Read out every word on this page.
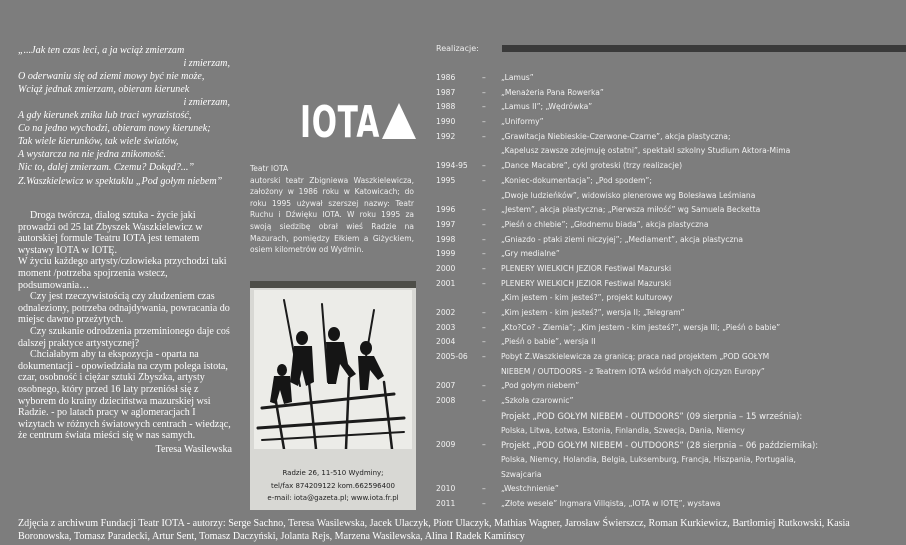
„...Jak ten czas leci, a ja wciąż zmierzam
i zmierzam,
O oderwaniu się od ziemi mowy być nie może,
Wciąż jednak zmierzam, obieram kierunek
i zmierzam,
A gdy kierunek znika lub traci wyrazistość,
Co na jedno wychodzi, obieram nowy kierunek;
Tak wiele kierunków, tak wiele światów,
A wystarcza na nie jedna znikomość.
Nic to, dalej zmierzam. Czemu? Dokąd?...”
Z.Waszkielewicz w spektaklu „Pod gołym niebem”

Droga twórcza, dialog sztuka - życie jaki prowadzi od 25 lat Zbyszek Waszkielewicz w autorskiej formule Teatru IOTA jest tematem wystawy IOTA w IOTĘ.

W życiu każdego artysty/człowieka przychodzi taki moment /potrzeba spojrzenia wstecz, podsumowania…

Czy jest rzeczywistością czy złudzeniem czas odnalezion‌y, potrzeba odnajdywania, powracania do miejsc dawno przeżytych.

Czy szukanie odrodzenia przeminionego daje coś dalszej praktyce artystycznej?

Chciałabym aby ta ekspozycja - oparta na dokumentacji - opowiedziała na czym polega istota, czar, osobność i ciężar sztuki Zbyszka, artysty osobnego, który przed 16 laty przeniósł się z wyborem do krainy dzieciństwa mazurskiej wsi Radzie. - po latach pracy w aglomeracjach I wizytach w różnych światowych centrach - wiedząc, że centrum świata mieści się w nas samych.

Teresa Wasilewska
IOTA

Teatr IOTA

autorski teatr Zbigniewa Waszkielewicza, założony w 1986 roku w Katowicach; do roku 1995 używał szerszej nazwy: Teatr Ruchu i Dźwięku IOTA. W roku 1995 za swoją siedzibę obrał wieś Radzie na Mazurach, pomiędzy Ełkiem a Giżyckiem, osiem kilometrów od Wydmin.

Radzie 26, 11-510 Wydminy;
tel/fax 874209122 kom.662596400
e-mail: iota@gazeta.pl; www.iota.fr.pl
Realizacje:
1986	– „Lamus”
1987	– „Menażeria Pana Rowerka”
1988	– „Lamus II”; „Wędrówka”
1990	– „Uniformy”
1992	– „Grawitacja Niebieskie-Czerwone-Czarne”, akcja plastyczna;
„Kapelusz zawsze zdejmuję ostatni”, spektakl szkolny Studium Aktora-Mima
1994-95 – „Dance Macabre”, cykl groteski (trzy realizacje)
1995	– „Koniec-dokumentacja”; „Pod spodem”;
„Dwoje ludzieńków”, widowisko plenerowe wg Bolesława Leśmiana
1996	– „Jestem”, akcja plastyczna; „Pierwsza miłość” wg Samuela Becketta
1997	– „Pieśń o chlebie”; „Głodnemu biada”, akcja plastyczna
1998	– „Gniazdo - ptaki ziemi niczyjej”; „Mediament”, akcja plastyczna
1999	– „Gry medialne”
2000	– PLENERY WIELKICH JEZIOR Festiwal Mazurski
2001	– PLENERY WIELKICH JEZIOR Festiwal Mazurski
„Kim jestem - kim jesteś?”, projekt kulturowy
2002	– „Kim jestem - kim jesteś?”, wersja II; „Telegram”
2003	– „Kto?Co? - Ziemia”; „Kim jestem - kim jesteś?”, wersja III; „Pieśń o babie”
2004	– „Pieśń o babie”, wersja II
2005-06 – Pobyt Z.Waszkielewicza za granicą; praca nad projektem „POD GOŁYM
NIEBEM / OUTDOORS - z Teatrem IOTA wśród małych ojczyzn Europy”
2007	– „Pod gołym niebem”
2008	– „Szkoła czarownic”
Projekt „POD GOŁYM NIEBEM - OUTDOORS” (09 sierpnia – 15 września):
Polska, Litwa, Łotwa, Estonia, Finlandia, Szwecja, Dania, Niemcy
2009	– Projekt „POD GOŁYM NIEBEM - OUTDOORS” (28 sierpnia – 06 października):
Polska, Niemcy, Holandia, Belgia, Luksemburg, Francja, Hiszpania, Portugalia,
Szwajcaria
2010	– „Westchnienie”
2011	– „Złote wesele” Ingmara Villqista, „IOTA w IOTĘ”, wystawa
Zdjęcia z archiwum Fundacji Teatr IOTA - autorzy: Serge Sachno, Teresa Wasilewska, Jacek Ulaczyk, Piotr Ulaczyk, Mathias Wagner, Jarosław Świerszcz, Roman Kurkiewicz, Bartłomiej Rutkowski, Kasia Boronowska, Tomasz Paradecki, Artur Sent, Tomasz Daczyński, Jolanta Rejs, Marzena Wasilewska, Alina I Radek Kamińscy
